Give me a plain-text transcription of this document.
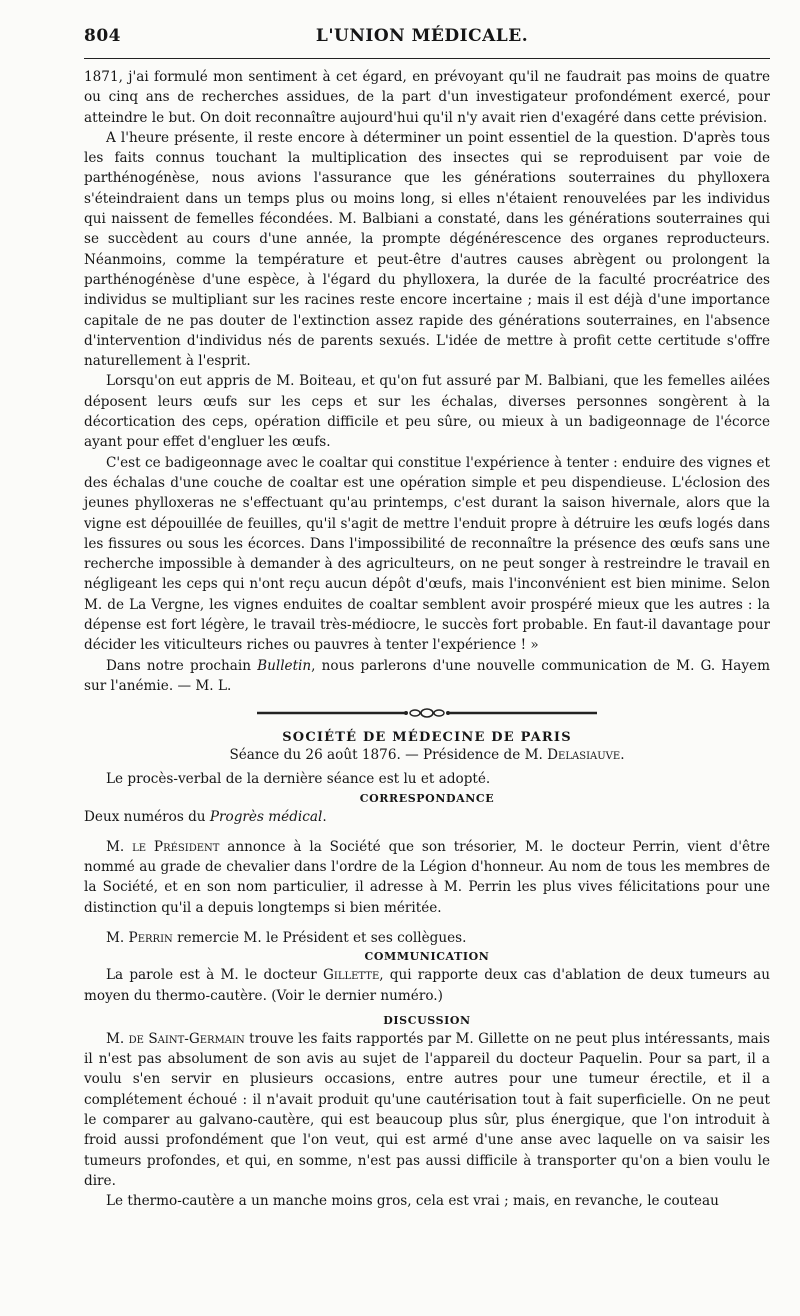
804	L'UNION MÉDICALE.

1871, j'ai formulé mon sentiment à cet égard, en prévoyant qu'il ne faudrait pas moins de quatre ou cinq ans de recherches assidues, de la part d'un investigateur profondément exercé, pour atteindre le but. On doit reconnaître aujourd'hui qu'il n'y avait rien d'exagéré dans cette prévision.

A l'heure présente, il reste encore à déterminer un point essentiel de la question. D'après tous les faits connus touchant la multiplication des insectes qui se reproduisent par voie de parthénogénèse, nous avions l'assurance que les générations souterraines du phylloxera s'éteindraient dans un temps plus ou moins long, si elles n'étaient renouvelées par les individus qui naissent de femelles fécondées. M. Balbiani a constaté, dans les générations souterraines qui se succèdent au cours d'une année, la prompte dégénérescence des organes reproducteurs. Néanmoins, comme la température et peut-être d'autres causes abrègent ou prolongent la parthénogénèse d'une espèce, à l'égard du phylloxera, la durée de la faculté procréatrice des individus se multipliant sur les racines reste encore incertaine ; mais il est déjà d'une importance capitale de ne pas douter de l'extinction assez rapide des générations souterraines, en l'absence d'intervention d'individus nés de parents sexués. L'idée de mettre à profit cette certitude s'offre naturellement à l'esprit.

Lorsqu'on eut appris de M. Boiteau, et qu'on fut assuré par M. Balbiani, que les femelles ailées déposent leurs œufs sur les ceps et sur les échalas, diverses personnes songèrent à la décortication des ceps, opération difficile et peu sûre, ou mieux à un badigeonnage de l'écorce ayant pour effet d'engluer les œufs.

C'est ce badigeonnage avec le coaltar qui constitue l'expérience à tenter : enduire des vignes et des échalas d'une couche de coaltar est une opération simple et peu dispendieuse. L'éclosion des jeunes phylloxeras ne s'effectuant qu'au printemps, c'est durant la saison hivernale, alors que la vigne est dépouillée de feuilles, qu'il s'agit de mettre l'enduit propre à détruire les œufs logés dans les fissures ou sous les écorces. Dans l'impossibilité de reconnaître la présence des œufs sans une recherche impossible à demander à des agriculteurs, on ne peut songer à restreindre le travail en négligeant les ceps qui n'ont reçu aucun dépôt d'œufs, mais l'inconvénient est bien minime. Selon M. de La Vergne, les vignes enduites de coaltar semblent avoir prospéré mieux que les autres : la dépense est fort légère, le travail très-médiocre, le succès fort probable. En faut-il davantage pour décider les viticulteurs riches ou pauvres à tenter l'expérience ! »

Dans notre prochain Bulletin, nous parlerons d'une nouvelle communication de M. G. Hayem sur l'anémie. — M. L.

SOCIÉTÉ DE MÉDECINE DE PARIS
Séance du 26 août 1876. — Présidence de M. Delasiauve.

Le procès-verbal de la dernière séance est lu et adopté.

CORRESPONDANCE

Deux numéros du Progrès médical.

M. le Président annonce à la Société que son trésorier, M. le docteur Perrin, vient d'être nommé au grade de chevalier dans l'ordre de la Légion d'honneur. Au nom de tous les membres de la Société, et en son nom particulier, il adresse à M. Perrin les plus vives félicitations pour une distinction qu'il a depuis longtemps si bien méritée.

M. Perrin remercie M. le Président et ses collègues.

COMMUNICATION

La parole est à M. le docteur Gillette, qui rapporte deux cas d'ablation de deux tumeurs au moyen du thermo-cautère. (Voir le dernier numéro.)

DISCUSSION

M. de Saint-Germain trouve les faits rapportés par M. Gillette on ne peut plus intéressants, mais il n'est pas absolument de son avis au sujet de l'appareil du docteur Paquelin. Pour sa part, il a voulu s'en servir en plusieurs occasions, entre autres pour une tumeur érectile, et il a complétement échoué : il n'avait produit qu'une cautérisation tout à fait superficielle. On ne peut le comparer au galvano-cautère, qui est beaucoup plus sûr, plus énergique, que l'on introduit à froid aussi profondément que l'on veut, qui est armé d'une anse avec laquelle on va saisir les tumeurs profondes, et qui, en somme, n'est pas aussi difficile à transporter qu'on a bien voulu le dire.

Le thermo-cautère a un manche moins gros, cela est vrai ; mais, en revanche, le couteau
